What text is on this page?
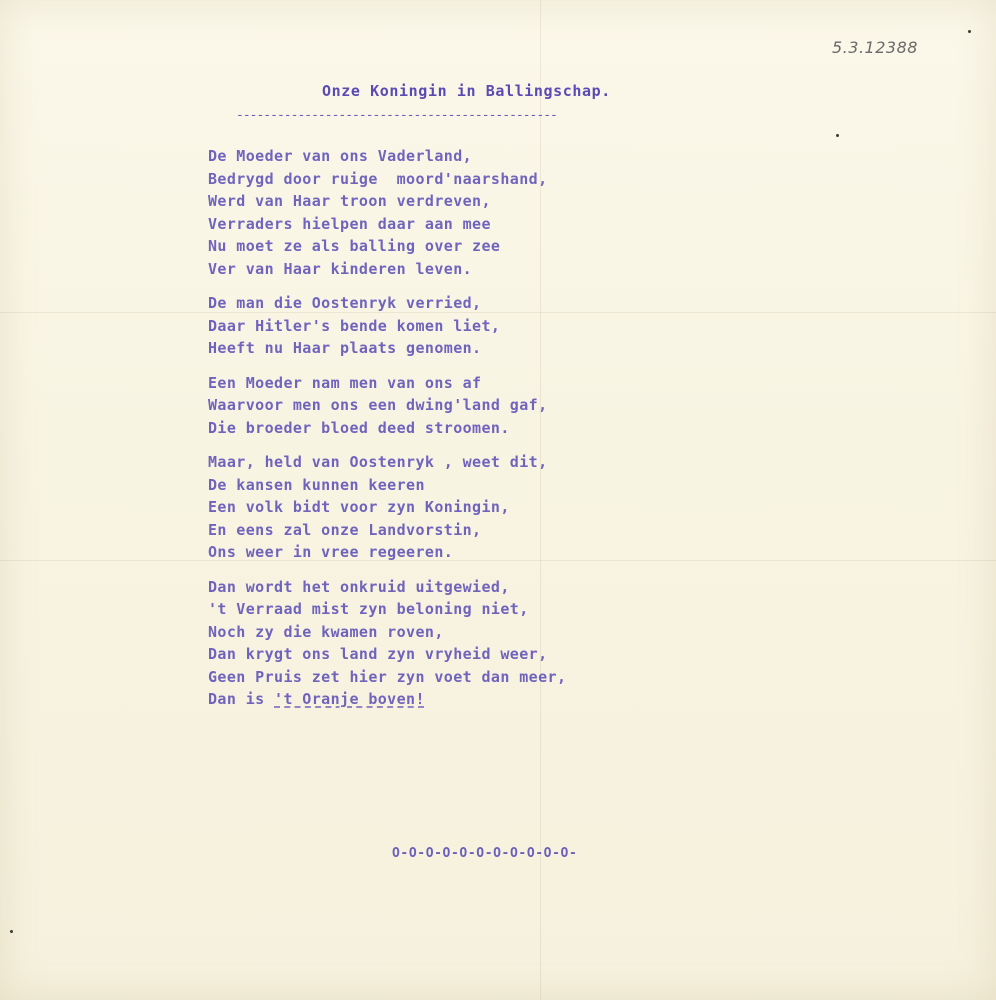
5.3.12388
Onze Koningin in Ballingschap.
-----------------------------------------------
De Moeder van ons Vaderland,
Bedrygd door ruige  moord'naarshand,
Werd van Haar troon verdreven,
Verraders hielpen daar aan mee
Nu moet ze als balling over zee
Ver van Haar kinderen leven.
De man die Oostenryk verried,
Daar Hitler's bende komen liet,
Heeft nu Haar plaats genomen.
Een Moeder nam men van ons af
Waarvoor men ons een dwing'land gaf,
Die broeder bloed deed stroomen.
Maar, held van Oostenryk , weet dit,
De kansen kunnen keeren
Een volk bidt voor zyn Koningin,
En eens zal onze Landvorstin,
Ons weer in vree regeeren.
Dan wordt het onkruid uitgewied,
't Verraad mist zyn beloning niet,
Noch zy die kwamen roven,
Dan krygt ons land zyn vryheid weer,
Geen Pruis zet hier zyn voet dan meer,
Dan is 't Oranje boven!
O-O-O-O-O-O-O-O-O-O-O-
